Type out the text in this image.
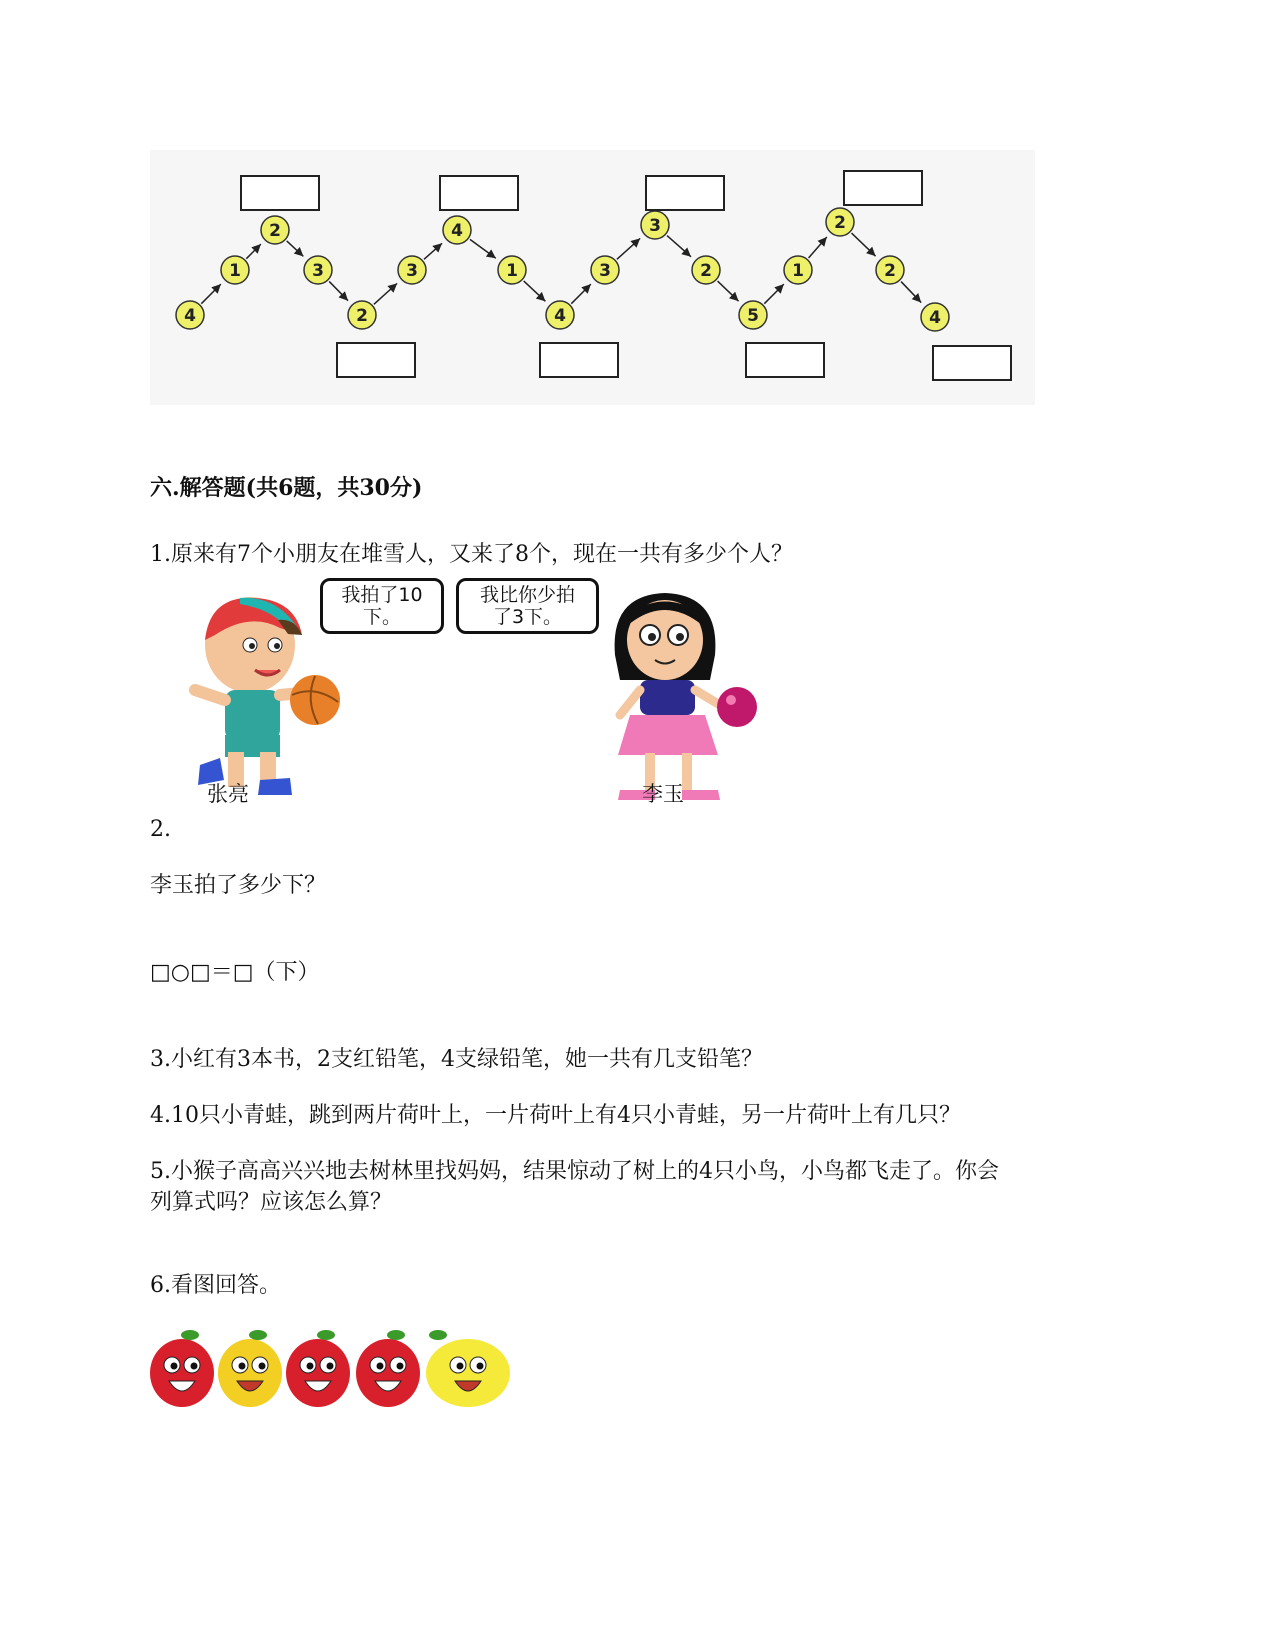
4
1
2
3
2
3
4
1
4
3
3
2
5
1
2
2
4
六.解答题(共6题，共30分)
1.原来有7个小朋友在堆雪人，又来了8个，现在一共有多少个人？
我拍了10
下。
我比你少拍
了3下。
张亮	李玉
2.
李玉拍了多少下？
□○□＝□（下）
3.小红有3本书，2支红铅笔，4支绿铅笔，她一共有几支铅笔？
4.10只小青蛙，跳到两片荷叶上，一片荷叶上有4只小青蛙，另一片荷叶上有几只？
5.小猴子高高兴兴地去树林里找妈妈，结果惊动了树上的4只小鸟，小鸟都飞走了。你会
列算式吗？应该怎么算？
6.看图回答。
